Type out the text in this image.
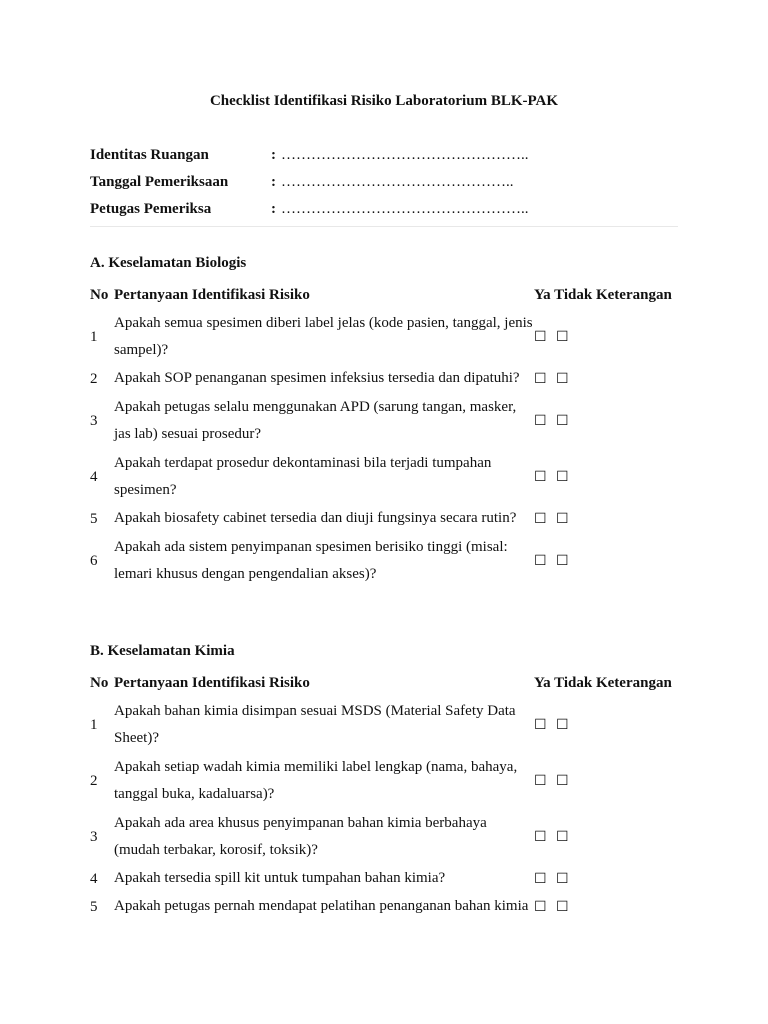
Checklist Identifikasi Risiko Laboratorium BLK-PAK
Identitas Ruangan	: …………………………………………..
Tanggal Pemeriksaan	: ………………………………………..
Petugas Pemeriksa	: …………………………………………..
A. Keselamatan Biologis
No	Pertanyaan Identifikasi Risiko	Ya Tidak Keterangan		
1	Apakah semua spesimen diberi label jelas (kode pasien, tanggal, jenis sampel)?	☐	☐	
2	Apakah SOP penanganan spesimen infeksius tersedia dan dipatuhi?	☐	☐	
3	Apakah petugas selalu menggunakan APD (sarung tangan, masker, jas lab) sesuai prosedur?	☐	☐	
4	Apakah terdapat prosedur dekontaminasi bila terjadi tumpahan spesimen?	☐	☐	
5	Apakah biosafety cabinet tersedia dan diuji fungsinya secara rutin?	☐	☐	
6	Apakah ada sistem penyimpanan spesimen berisiko tinggi (misal: lemari khusus dengan pengendalian akses)?	☐	☐	
B. Keselamatan Kimia
No	Pertanyaan Identifikasi Risiko	Ya Tidak Keterangan		
1	Apakah bahan kimia disimpan sesuai MSDS (Material Safety Data Sheet)?	☐	☐	
2	Apakah setiap wadah kimia memiliki label lengkap (nama, bahaya, tanggal buka, kadaluarsa)?	☐	☐	
3	Apakah ada area khusus penyimpanan bahan kimia berbahaya (mudah terbakar, korosif, toksik)?	☐	☐	
4	Apakah tersedia spill kit untuk tumpahan bahan kimia?	☐	☐	
5	Apakah petugas pernah mendapat pelatihan penanganan bahan kimia	☐	☐	
